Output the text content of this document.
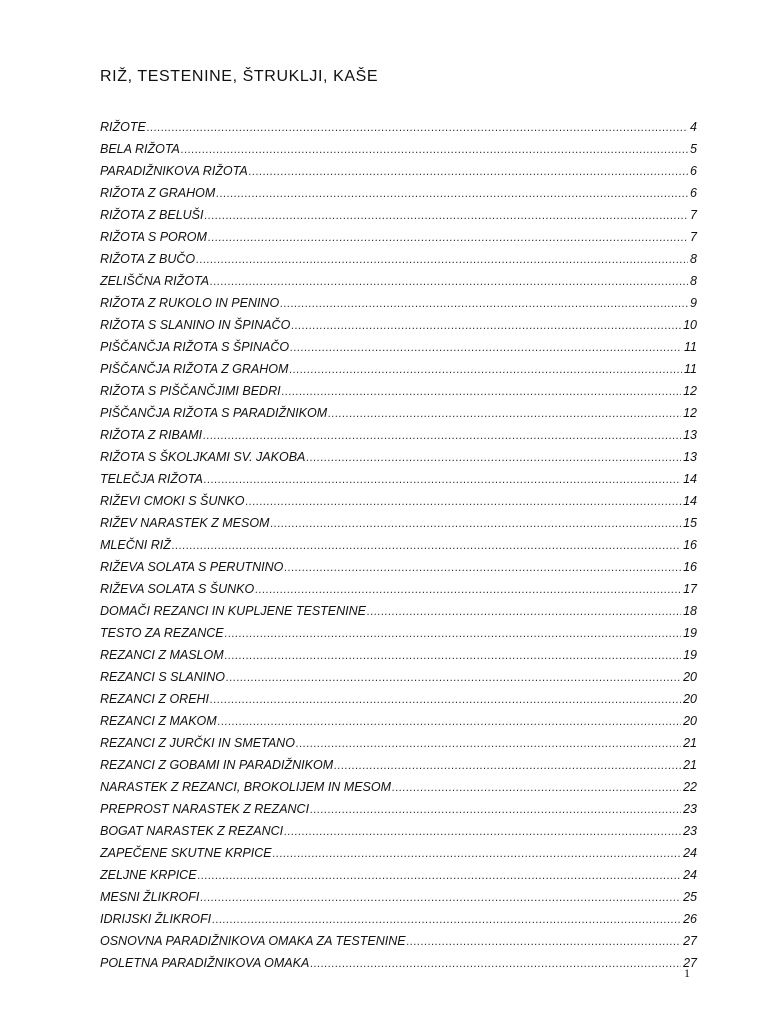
RIŽ, TESTENINE, ŠTRUKLJI, KAŠE
RIŽOTE .....	4
BELA RIŽOTA .....	5
PARADIŽNIKOVA RIŽOTA .....	6
RIŽOTA Z GRAHOM .....	6
RIŽOTA Z BELUŠI .....	7
RIŽOTA S POROM .....	7
RIŽOTA Z BUČO .....	8
ZELIŠČNA RIŽOTA .....	8
RIŽOTA Z RUKOLO IN PENINO .....	9
RIŽOTA S SLANINO IN ŠPINAČO .....	10
PIŠČANČJA RIŽOTA S ŠPINAČO .....	11
PIŠČANČJA RIŽOTA Z GRAHOM .....	11
RIŽOTA S PIŠČANČJIMI BEDRI .....	12
PIŠČANČJA RIŽOTA S PARADIŽNIKOM .....	12
RIŽOTA Z RIBAMI .....	13
RIŽOTA S ŠKOLJKAMI SV. JAKOBA .....	13
TELEČJA RIŽOTA .....	14
RIŽEVI CMOKI S ŠUNKO .....	14
RIŽEV NARASTEK Z MESOM .....	15
MLEČNI RIŽ .....	16
RIŽEVA SOLATA S PERUTNINO .....	16
RIŽEVA SOLATA S ŠUNKO .....	17
DOMAČI REZANCI IN KUPLJENE TESTENINE .....	18
TESTO ZA REZANCE .....	19
REZANCI Z MASLOM .....	19
REZANCI S SLANINO .....	20
REZANCI Z OREHI .....	20
REZANCI Z MAKOM .....	20
REZANCI Z JURČKI IN SMETANO .....	21
REZANCI Z GOBAMI IN PARADIŽNIKOM .....	21
NARASTEK Z REZANCI, BROKOLIJEM IN MESOM .....	22
PREPROST NARASTEK Z REZANCI .....	23
BOGAT NARASTEK Z REZANCI .....	23
ZAPEČENE SKUTNE KRPICE .....	24
ZELJNE KRPICE .....	24
MESNI ŽLIKROFI .....	25
IDRIJSKI ŽLIKROFI .....	26
OSNOVNA PARADIŽNIKOVA OMAKA ZA TESTENINE .....	27
POLETNA PARADIŽNIKOVA OMAKA .....	27
1
